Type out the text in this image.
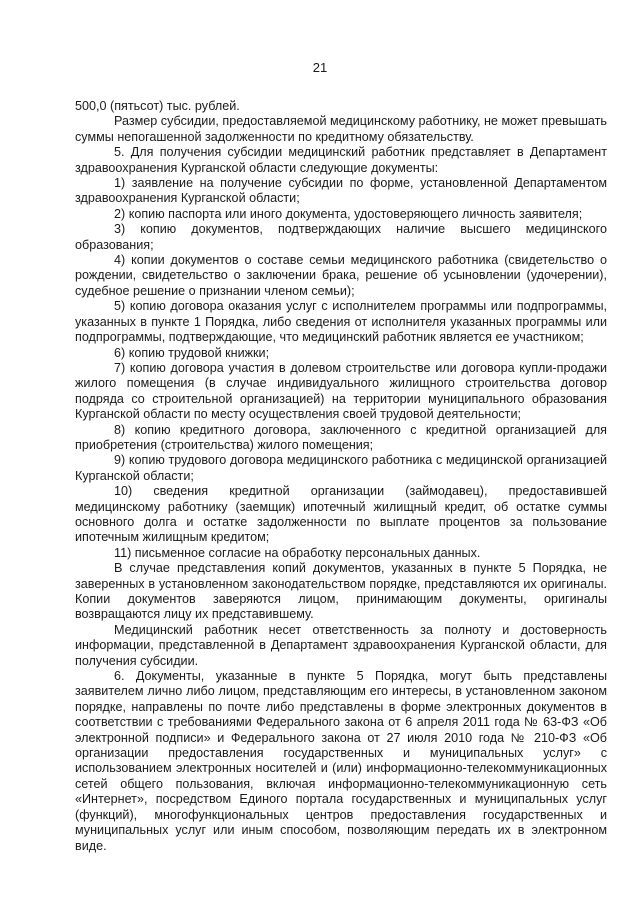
21

500,0 (пятьсот) тыс. рублей.

Размер субсидии, предоставляемой медицинскому работнику, не может превышать суммы непогашенной задолженности по кредитному обязательству.

5. Для получения субсидии медицинский работник представляет в Департамент здравоохранения Курганской области следующие документы:

1) заявление на получение субсидии по форме, установленной Департаментом здравоохранения Курганской области;

2) копию паспорта или иного документа, удостоверяющего личность заявителя;

3) копию документов, подтверждающих наличие высшего медицинского образования;

4) копии документов о составе семьи медицинского работника (свидетельство о рождении, свидетельство о заключении брака, решение об усыновлении (удочерении), судебное решение о признании членом семьи);

5) копию договора оказания услуг с исполнителем программы или подпрограммы, указанных в пункте 1 Порядка, либо сведения от исполнителя указанных программы или подпрограммы, подтверждающие, что медицинский работник является ее участником;

6) копию трудовой книжки;

7) копию договора участия в долевом строительстве или договора купли-продажи жилого помещения (в случае индивидуального жилищного строительства договор подряда со строительной организацией) на территории муниципального образования Курганской области по месту осуществления своей трудовой деятельности;

8) копию кредитного договора, заключенного с кредитной организацией для приобретения (строительства) жилого помещения;

9) копию трудового договора медицинского работника с медицинской организацией Курганской области;

10) сведения кредитной организации (займодавец), предоставившей медицинскому работнику (заемщик) ипотечный жилищный кредит, об остатке суммы основного долга и остатке задолженности по выплате процентов за пользование ипотечным жилищным кредитом;

11) письменное согласие на обработку персональных данных.

В случае представления копий документов, указанных в пункте 5 Порядка, не заверенных в установленном законодательством порядке, представляются их оригиналы. Копии документов заверяются лицом, принимающим документы, оригиналы возвращаются лицу их представившему.

Медицинский работник несет ответственность за полноту и достоверность информации, представленной в Департамент здравоохранения Курганской области, для получения субсидии.

6. Документы, указанные в пункте 5 Порядка, могут быть представлены заявителем лично либо лицом, представляющим его интересы, в установленном законом порядке, направлены по почте либо представлены в форме электронных документов в соответствии с требованиями Федерального закона от 6 апреля 2011 года № 63-ФЗ «Об электронной подписи» и Федерального закона от 27 июля 2010 года № 210-ФЗ «Об организации предоставления государственных и муниципальных услуг» с использованием электронных носителей и (или) информационно-телекоммуникационных сетей общего пользования, включая информационно-телекоммуникационную сеть «Интернет», посредством Единого портала государственных и муниципальных услуг (функций), многофункциональных центров предоставления государственных и муниципальных услуг или иным способом, позволяющим передать их в электронном виде.
